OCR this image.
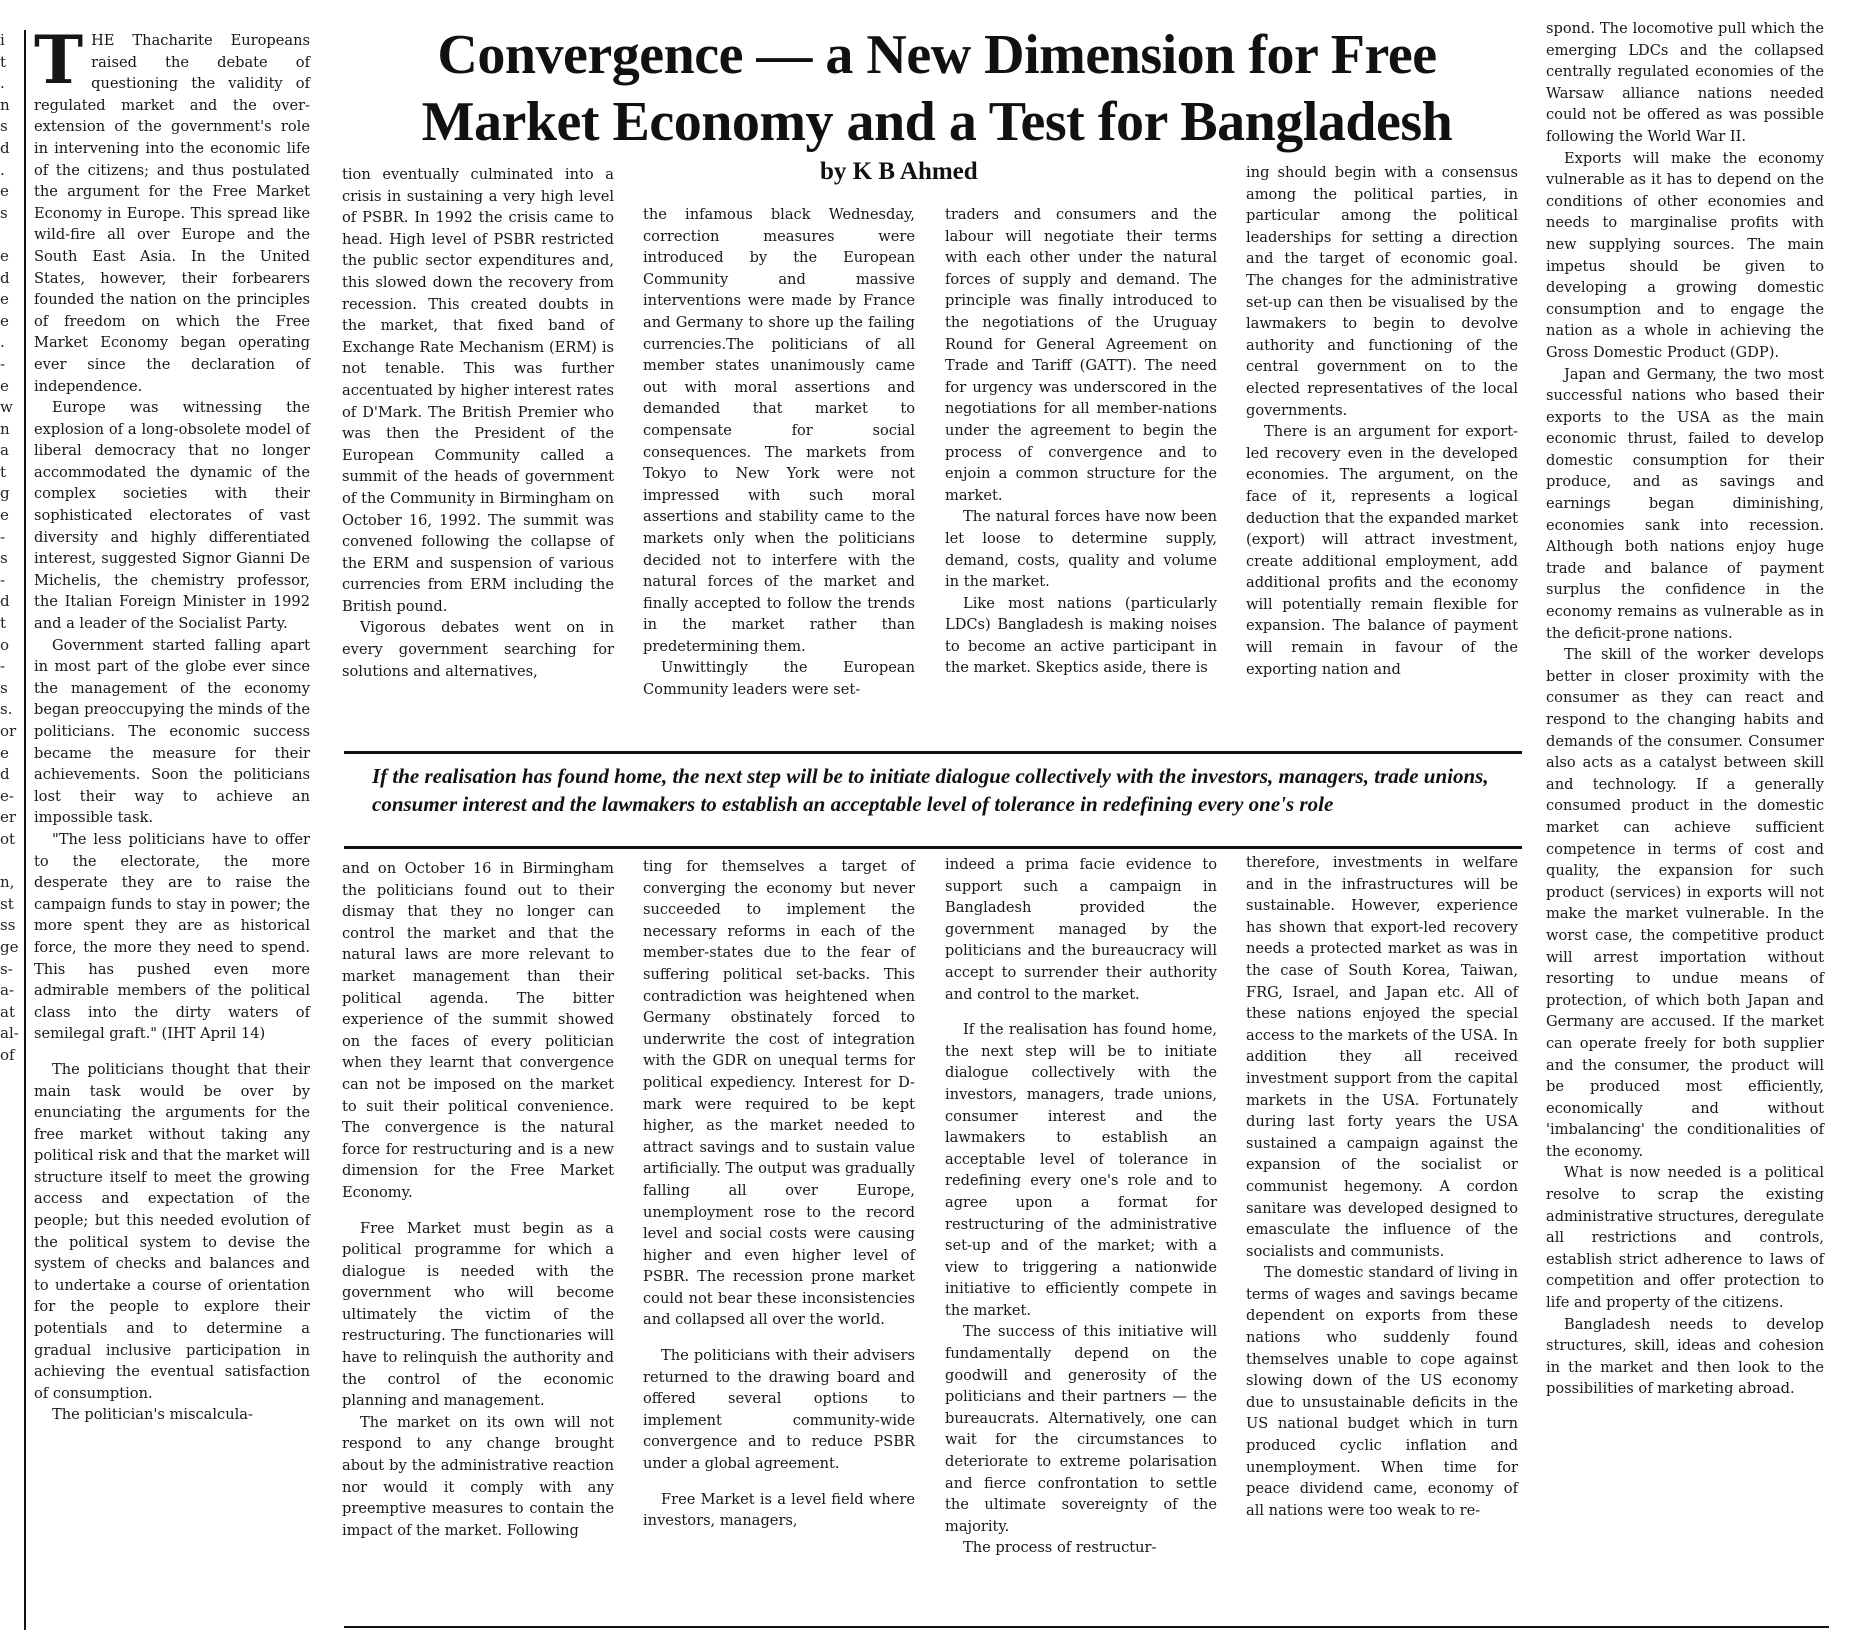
i
t
.
n
s
d
.
e
s

e
d
e
e
.
-
e
w
n
a
t
g
e
-
s
-
d
t
o
-
s
s.
or
e
d
e-
er
ot

n,
st
ss
ge
s-
a-
at
al-
of
Convergence — a New Dimension for Free
Market Economy and a Test for Bangladesh
by K B Ahmed
THE Thacharite Europeans raised the debate of questioning the validity of regulated market and the over-extension of the government's role in intervening into the economic life of the citizens; and thus postulated the argument for the Free Market Economy in Europe. This spread like wild-fire all over Europe and the South East Asia. In the United States, however, their forbearers founded the nation on the principles of freedom on which the Free Market Economy began operating ever since the declaration of independence.
Europe was witnessing the explosion of a long-obsolete model of liberal democracy that no longer accommodated the dynamic of the complex societies with their sophisticated electorates of vast diversity and highly differentiated interest, suggested Signor Gianni De Michelis, the chemistry professor, the Italian Foreign Minister in 1992 and a leader of the Socialist Party.
Government started falling apart in most part of the globe ever since the management of the economy began preoccupying the minds of the politicians. The economic success became the measure for their achievements. Soon the politicians lost their way to achieve an impossible task.
"The less politicians have to offer to the electorate, the more desperate they are to raise the campaign funds to stay in power; the more spent they are as historical force, the more they need to spend. This has pushed even more admirable members of the political class into the dirty waters of semilegal graft." (IHT April 14)
The politicians thought that their main task would be over by enunciating the arguments for the free market without taking any political risk and that the market will structure itself to meet the growing access and expectation of the people; but this needed evolution of the political system to devise the system of checks and balances and to undertake a course of orientation for the people to explore their potentials and to determine a gradual inclusive participation in achieving the eventual satisfaction of consumption.
The politician's miscalcula-
tion eventually culminated into a crisis in sustaining a very high level of PSBR. In 1992 the crisis came to head. High level of PSBR restricted the public sector expenditures and, this slowed down the recovery from recession. This created doubts in the market, that fixed band of Exchange Rate Mechanism (ERM) is not tenable. This was further accentuated by higher interest rates of D'Mark. The British Premier who was then the President of the European Community called a summit of the heads of government of the Community in Birmingham on October 16, 1992. The summit was convened following the collapse of the ERM and suspension of various currencies from ERM including the British pound.
Vigorous debates went on in every government searching for solutions and alternatives,
the infamous black Wednesday, correction measures were introduced by the European Community and massive interventions were made by France and Germany to shore up the failing currencies.The politicians of all member states unanimously came out with moral assertions and demanded that market to compensate for social consequences. The markets from Tokyo to New York were not impressed with such moral assertions and stability came to the markets only when the politicians decided not to interfere with the natural forces of the market and finally accepted to follow the trends in the market rather than predetermining them.
Unwittingly the European Community leaders were set-
traders and consumers and the labour will negotiate their terms with each other under the natural forces of supply and demand. The principle was finally introduced to the negotiations of the Uruguay Round for General Agreement on Trade and Tariff (GATT). The need for urgency was underscored in the negotiations for all member-nations under the agreement to begin the process of convergence and to enjoin a common structure for the market.
The natural forces have now been let loose to determine supply, demand, costs, quality and volume in the market.
Like most nations (particularly LDCs) Bangladesh is making noises to become an active participant in the market. Skeptics aside, there is
ing should begin with a consensus among the political parties, in particular among the political leaderships for setting a direction and the target of economic goal. The changes for the administrative set-up can then be visualised by the lawmakers to begin to devolve authority and functioning of the central government on to the elected representatives of the local governments.
There is an argument for export-led recovery even in the developed economies. The argument, on the face of it, represents a logical deduction that the expanded market (export) will attract investment, create additional employment, add additional profits and the economy will potentially remain flexible for expansion. The balance of payment will remain in favour of the exporting nation and
If the realisation has found home, the next step will be to initiate dialogue collectively with the investors, managers, trade unions, consumer interest and the lawmakers to establish an acceptable level of tolerance in redefining every one's role
and on October 16 in Birmingham the politicians found out to their dismay that they no longer can control the market and that the natural laws are more relevant to market management than their political agenda. The bitter experience of the summit showed on the faces of every politician when they learnt that convergence can not be imposed on the market to suit their political convenience. The convergence is the natural force for restructuring and is a new dimension for the Free Market Economy.
Free Market must begin as a political programme for which a dialogue is needed with the government who will become ultimately the victim of the restructuring. The functionaries will have to relinquish the authority and the control of the economic planning and management.
The market on its own will not respond to any change brought about by the administrative reaction nor would it comply with any preemptive measures to contain the impact of the market. Following
ting for themselves a target of converging the economy but never succeeded to implement the necessary reforms in each of the member-states due to the fear of suffering political set-backs. This contradiction was heightened when Germany obstinately forced to underwrite the cost of integration with the GDR on unequal terms for political expediency. Interest for D-mark were required to be kept higher, as the market needed to attract savings and to sustain value artificially. The output was gradually falling all over Europe, unemployment rose to the record level and social costs were causing higher and even higher level of PSBR. The recession prone market could not bear these inconsistencies and collapsed all over the world.
The politicians with their advisers returned to the drawing board and offered several options to implement community-wide convergence and to reduce PSBR under a global agreement.
Free Market is a level field where investors, managers,
indeed a prima facie evidence to support such a campaign in Bangladesh provided the government managed by the politicians and the bureaucracy will accept to surrender their authority and control to the market.
If the realisation has found home, the next step will be to initiate dialogue collectively with the investors, managers, trade unions, consumer interest and the lawmakers to establish an acceptable level of tolerance in redefining every one's role and to agree upon a format for restructuring of the administrative set-up and of the market; with a view to triggering a nationwide initiative to efficiently compete in the market.
The success of this initiative will fundamentally depend on the goodwill and generosity of the politicians and their partners — the bureaucrats. Alternatively, one can wait for the circumstances to deteriorate to extreme polarisation and fierce confrontation to settle the ultimate sovereignty of the majority.
The process of restructur-
therefore, investments in welfare and in the infrastructures will be sustainable. However, experience has shown that export-led recovery needs a protected market as was in the case of South Korea, Taiwan, FRG, Israel, and Japan etc. All of these nations enjoyed the special access to the markets of the USA. In addition they all received investment support from the capital markets in the USA. Fortunately during last forty years the USA sustained a campaign against the expansion of the socialist or communist hegemony. A cordon sanitare was developed designed to emasculate the influence of the socialists and communists.
The domestic standard of living in terms of wages and savings became dependent on exports from these nations who suddenly found themselves unable to cope against slowing down of the US economy due to unsustainable deficits in the US national budget which in turn produced cyclic inflation and unemployment. When time for peace dividend came, economy of all nations were too weak to re-
spond. The locomotive pull which the emerging LDCs and the collapsed centrally regulated economies of the Warsaw alliance nations needed could not be offered as was possible following the World War II.
Exports will make the economy vulnerable as it has to depend on the conditions of other economies and needs to marginalise profits with new supplying sources. The main impetus should be given to developing a growing domestic consumption and to engage the nation as a whole in achieving the Gross Domestic Product (GDP).
Japan and Germany, the two most successful nations who based their exports to the USA as the main economic thrust, failed to develop domestic consumption for their produce, and as savings and earnings began diminishing, economies sank into recession. Although both nations enjoy huge trade and balance of payment surplus the confidence in the economy remains as vulnerable as in the deficit-prone nations.
The skill of the worker develops better in closer proximity with the consumer as they can react and respond to the changing habits and demands of the consumer. Consumer also acts as a catalyst between skill and technology. If a generally consumed product in the domestic market can achieve sufficient competence in terms of cost and quality, the expansion for such product (services) in exports will not make the market vulnerable. In the worst case, the competitive product will arrest importation without resorting to undue means of protection, of which both Japan and Germany are accused. If the market can operate freely for both supplier and the consumer, the product will be produced most efficiently, economically and without 'imbalancing' the conditionalities of the economy.
What is now needed is a political resolve to scrap the existing administrative structures, deregulate all restrictions and controls, establish strict adherence to laws of competition and offer protection to life and property of the citizens.
Bangladesh needs to develop structures, skill, ideas and cohesion in the market and then look to the possibilities of marketing abroad.
